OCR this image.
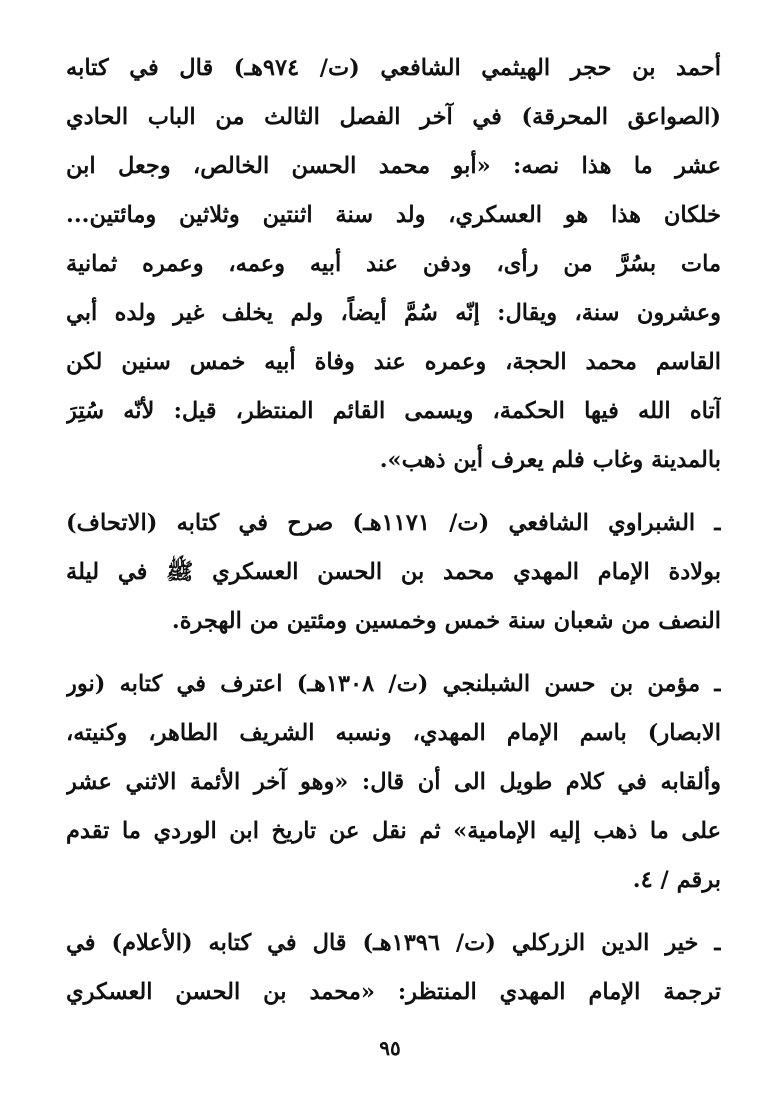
أحمد بن حجر الهيثمي الشافعي (ت/ ٩٧٤هـ) قال في كتابه
(الصواعق المحرقة) في آخر الفصل الثالث من الباب الحادي
عشر ما هذا نصه: «أبو محمد الحسن الخالص، وجعل ابن
خلكان هذا هو العسكري، ولد سنة اثنتين وثلاثين ومائتين...
مات بسُرَّ من رأى، ودفن عند أبيه وعمه، وعمره ثمانية
وعشرون سنة، ويقال: إنّه سُمَّ أيضاً، ولم يخلف غير ولده أبي
القاسم محمد الحجة، وعمره عند وفاة أبيه خمس سنين لكن
آتاه الله فيها الحكمة، ويسمى القائم المنتظر، قيل: لأنّه سُتِرَ
بالمدينة وغاب فلم يعرف أين ذهب».
ـ الشبراوي الشافعي (ت/ ١١٧١هـ) صرح في كتابه (الاتحاف)
بولادة الإمام المهدي محمد بن الحسن العسكري ﷺ في ليلة
النصف من شعبان سنة خمس وخمسين ومئتين من الهجرة.
ـ مؤمن بن حسن الشبلنجي (ت/ ١٣٠٨هـ) اعترف في كتابه (نور
الابصار) باسم الإمام المهدي، ونسبه الشريف الطاهر، وكنيته،
وألقابه في كلام طويل الى أن قال: «وهو آخر الأئمة الاثني عشر
على ما ذهب إليه الإمامية» ثم نقل عن تاريخ ابن الوردي ما تقدم
برقم / ٤.
ـ خير الدين الزركلي (ت/ ١٣٩٦هـ) قال في كتابه (الأعلام) في
ترجمة الإمام المهدي المنتظر: «محمد بن الحسن العسكري
٩٥
